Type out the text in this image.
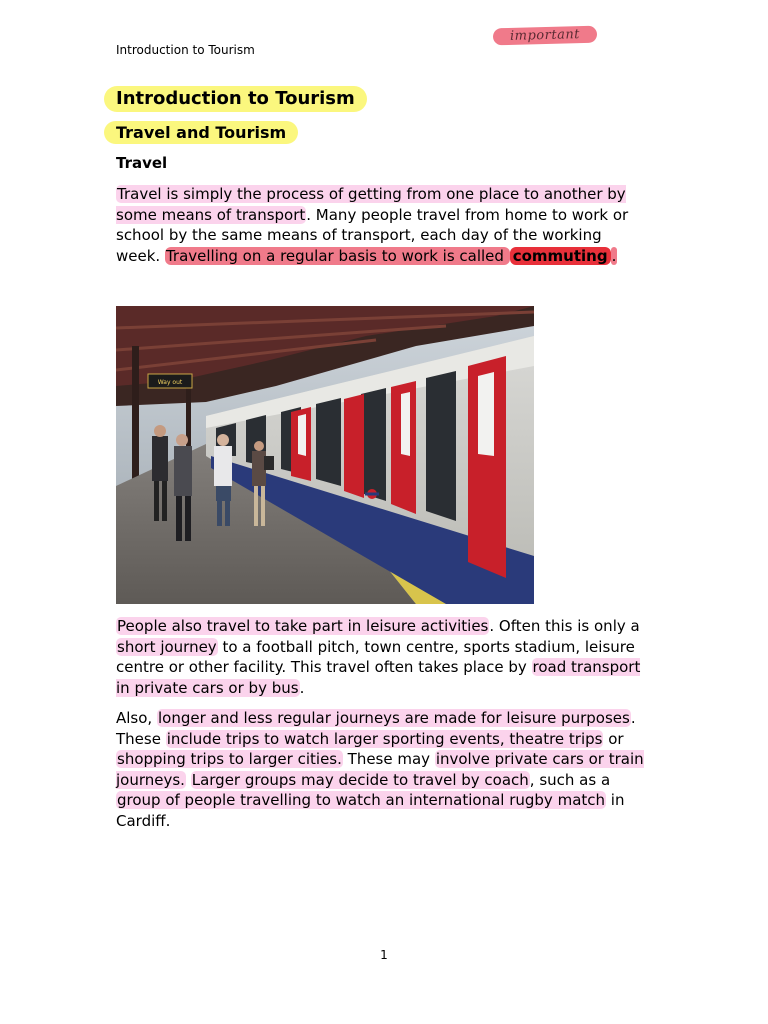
Introduction to Tourism
important
Introduction to Tourism
Travel and Tourism
Travel
Travel is simply the process of getting from one place to another by some means of transport. Many people travel from home to work or school by the same means of transport, each day of the working week. Travelling on a regular basis to work is called commuting .
Way out
People also travel to take part in leisure activities. Often this is only a short journey to a football pitch, town centre, sports stadium, leisure centre or other facility. This travel often takes place by road transport in private cars or by bus.
Also, longer and less regular journeys are made for leisure purposes. These include trips to watch larger sporting events, theatre trips or shopping trips to larger cities. These may involve private cars or train journeys. Larger groups may decide to travel by coach, such as a group of people travelling to watch an international rugby match in Cardiff.
1
